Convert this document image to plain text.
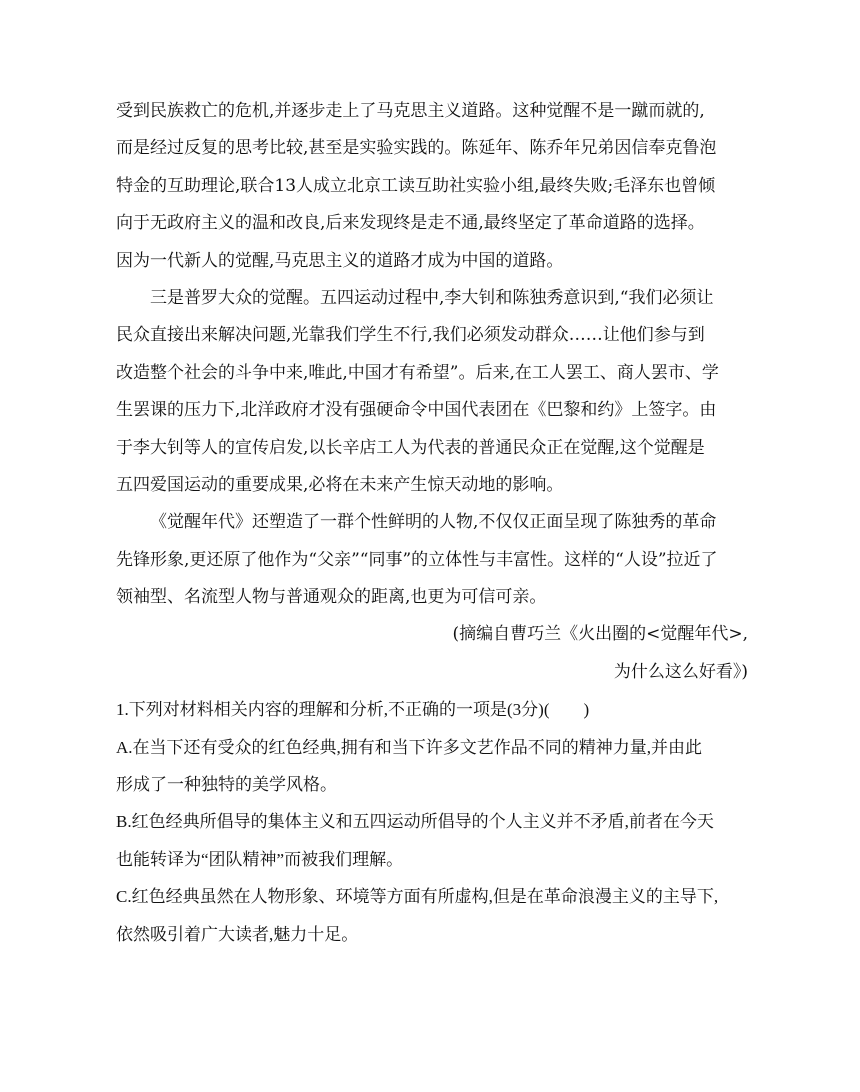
受到民族救亡的危机,并逐步走上了马克思主义道路。这种觉醒不是一蹴而就的,
而是经过反复的思考比较,甚至是实验实践的。陈延年、陈乔年兄弟因信奉克鲁泡
特金的互助理论,联合13人成立北京工读互助社实验小组,最终失败;毛泽东也曾倾
向于无政府主义的温和改良,后来发现终是走不通,最终坚定了革命道路的选择。
因为一代新人的觉醒,马克思主义的道路才成为中国的道路。
三是普罗大众的觉醒。五四运动过程中,李大钊和陈独秀意识到,“我们必须让
民众直接出来解决问题,光靠我们学生不行,我们必须发动群众……让他们参与到
改造整个社会的斗争中来,唯此,中国才有希望”。后来,在工人罢工、商人罢市、学
生罢课的压力下,北洋政府才没有强硬命令中国代表团在《巴黎和约》上签字。由
于李大钊等人的宣传启发,以长辛店工人为代表的普通民众正在觉醒,这个觉醒是
五四爱国运动的重要成果,必将在未来产生惊天动地的影响。
《觉醒年代》还塑造了一群个性鲜明的人物,不仅仅正面呈现了陈独秀的革命
先锋形象,更还原了他作为“父亲”“同事”的立体性与丰富性。这样的“人设”拉近了
领袖型、名流型人物与普通观众的距离,也更为可信可亲。
(摘编自曹巧兰《火出圈的<觉醒年代>,
为什么这么好看》)
1.下列对材料相关内容的理解和分析,不正确的一项是(3分)(　　)
A.在当下还有受众的红色经典,拥有和当下许多文艺作品不同的精神力量,并由此
形成了一种独特的美学风格。
B.红色经典所倡导的集体主义和五四运动所倡导的个人主义并不矛盾,前者在今天
也能转译为“团队精神”而被我们理解。
C.红色经典虽然在人物形象、环境等方面有所虚构,但是在革命浪漫主义的主导下,
依然吸引着广大读者,魅力十足。
